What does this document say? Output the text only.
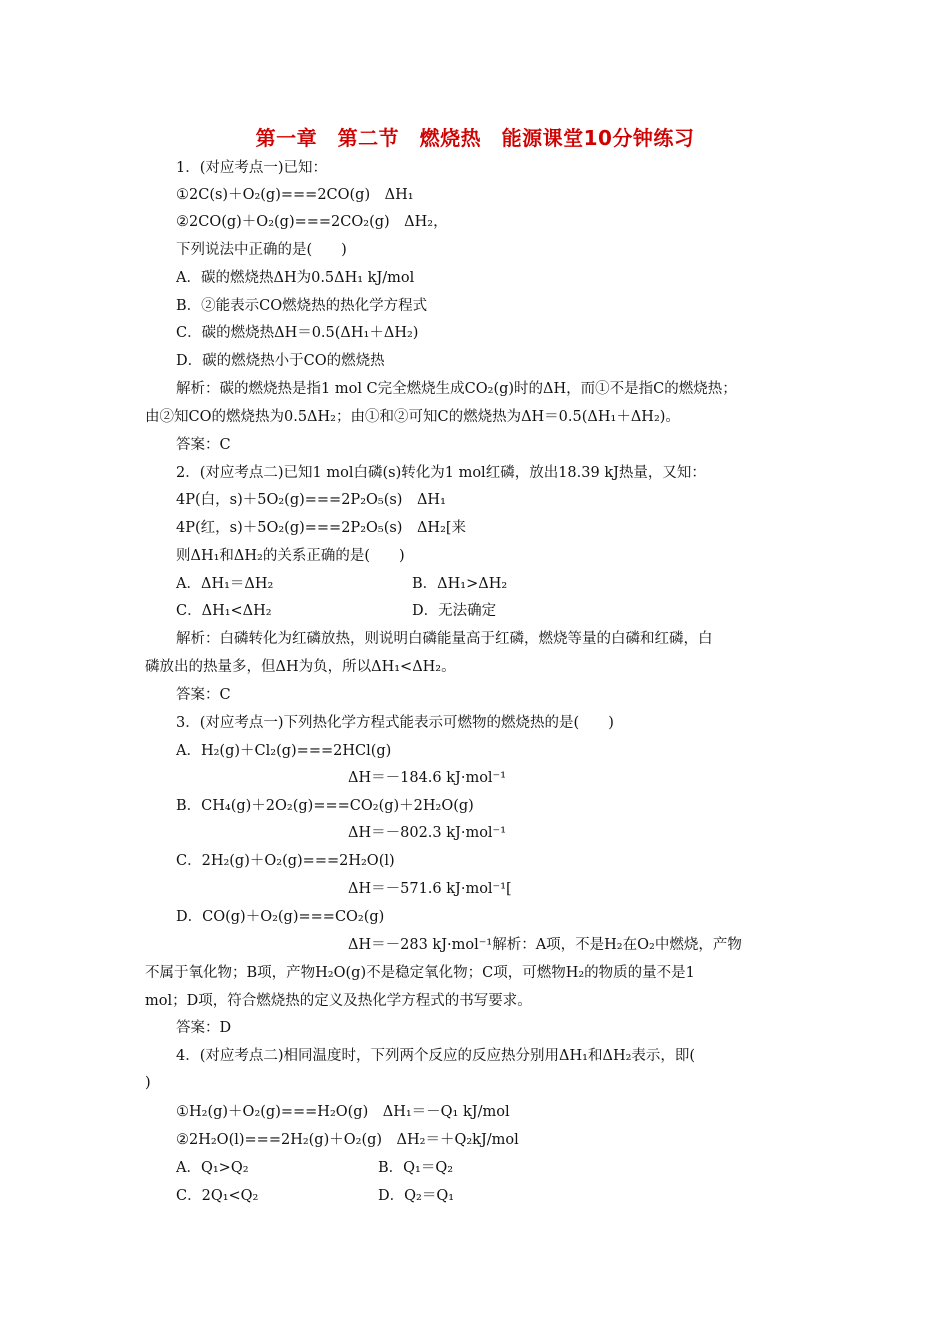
第一章　第二节　燃烧热　能源课堂10分钟练习
1．(对应考点一)已知：
①2C(s)＋O₂(g)===2CO(g)　ΔH₁
②2CO(g)＋O₂(g)===2CO₂(g)　ΔH₂，
下列说法中正确的是(　　)
A．碳的燃烧热ΔH为0.5ΔH₁ kJ/mol
B．②能表示CO燃烧热的热化学方程式
C．碳的燃烧热ΔH＝0.5(ΔH₁＋ΔH₂)
D．碳的燃烧热小于CO的燃烧热
解析：碳的燃烧热是指1 mol C完全燃烧生成CO₂(g)时的ΔH，而①不是指C的燃烧热；
由②知CO的燃烧热为0.5ΔH₂；由①和②可知C的燃烧热为ΔH＝0.5(ΔH₁＋ΔH₂)。
答案：C
2．(对应考点二)已知1 mol白磷(s)转化为1 mol红磷，放出18.39 kJ热量，又知：
4P(白，s)＋5O₂(g)===2P₂O₅(s)　ΔH₁
4P(红，s)＋5O₂(g)===2P₂O₅(s)　ΔH₂[来
则ΔH₁和ΔH₂的关系正确的是(　　)
A．ΔH₁＝ΔH₂	B．ΔH₁>ΔH₂
C．ΔH₁<ΔH₂	D．无法确定
解析：白磷转化为红磷放热，则说明白磷能量高于红磷，燃烧等量的白磷和红磷，白
磷放出的热量多，但ΔH为负，所以ΔH₁<ΔH₂。
答案：C
3．(对应考点一)下列热化学方程式能表示可燃物的燃烧热的是(　　)
A．H₂(g)＋Cl₂(g)===2HCl(g)
ΔH＝－184.6 kJ·mol⁻¹
B．CH₄(g)＋2O₂(g)===CO₂(g)＋2H₂O(g)
ΔH＝－802.3 kJ·mol⁻¹
C．2H₂(g)＋O₂(g)===2H₂O(l)
ΔH＝－571.6 kJ·mol⁻¹[
D．CO(g)＋O₂(g)===CO₂(g)
ΔH＝－283 kJ·mol⁻¹解析：A项，不是H₂在O₂中燃烧，产物
不属于氧化物；B项，产物H₂O(g)不是稳定氧化物；C项，可燃物H₂的物质的量不是1
mol；D项，符合燃烧热的定义及热化学方程式的书写要求。
答案：D
4．(对应考点二)相同温度时，下列两个反应的反应热分别用ΔH₁和ΔH₂表示，即(
)
①H₂(g)＋O₂(g)===H₂O(g)　ΔH₁＝－Q₁ kJ/mol
②2H₂O(l)===2H₂(g)＋O₂(g)　ΔH₂＝＋Q₂kJ/mol
A．Q₁>Q₂	B．Q₁＝Q₂
C．2Q₁<Q₂	D．Q₂＝Q₁
